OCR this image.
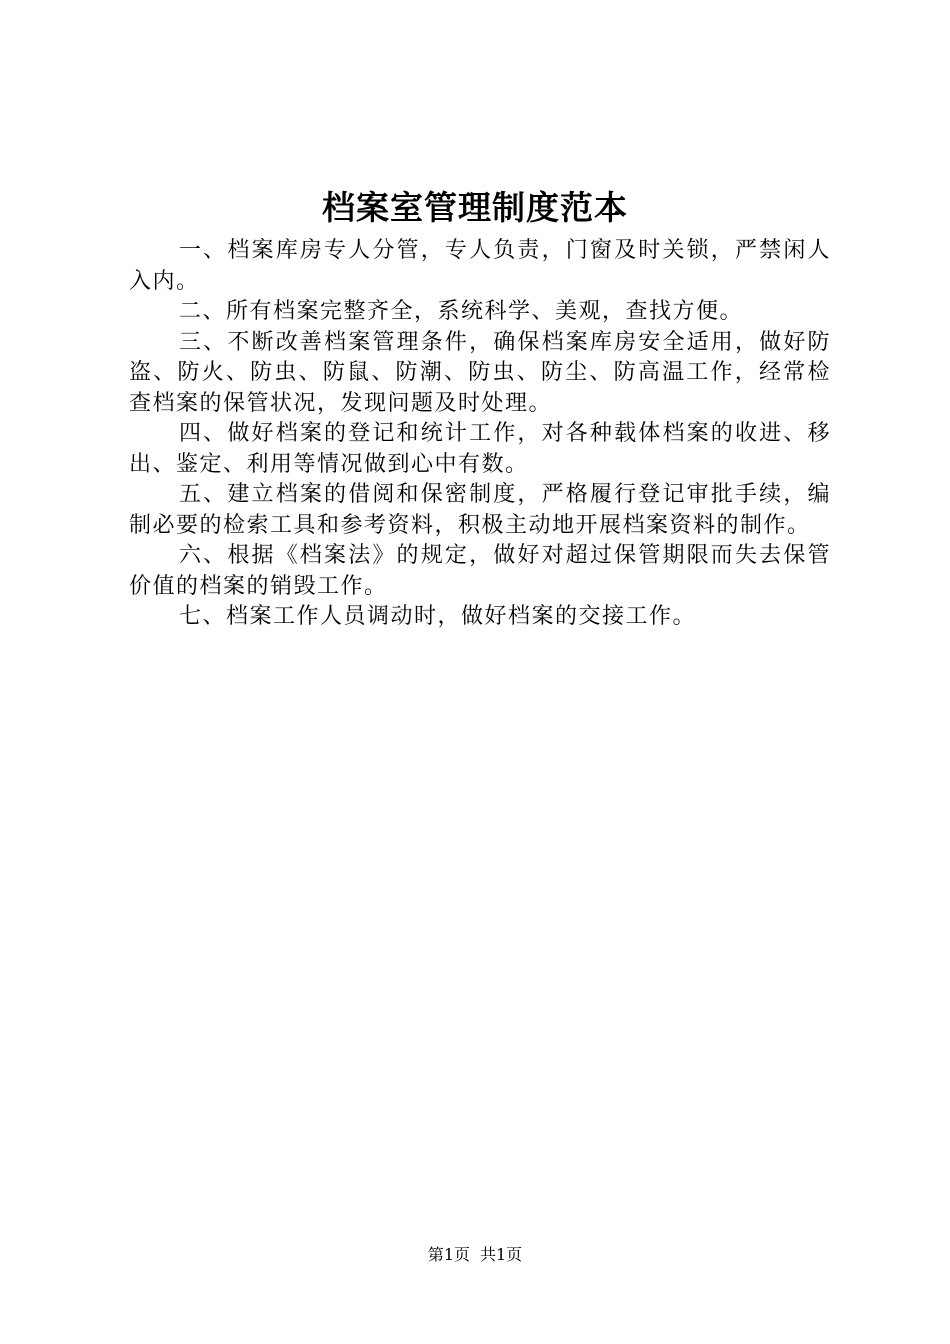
档案室管理制度范本

一、档案库房专人分管，专人负责，门窗及时关锁，严禁闲人入内。

二、所有档案完整齐全，系统科学、美观，查找方便。

三、不断改善档案管理条件，确保档案库房安全适用，做好防盗、防火、防虫、防鼠、防潮、防虫、防尘、防高温工作，经常检查档案的保管状况，发现问题及时处理。

四、做好档案的登记和统计工作，对各种载体档案的收进、移出、鉴定、利用等情况做到心中有数。

五、建立档案的借阅和保密制度，严格履行登记审批手续，编制必要的检索工具和参考资料，积极主动地开展档案资料的制作。

六、根据《档案法》的规定，做好对超过保管期限而失去保管价值的档案的销毁工作。

七、档案工作人员调动时，做好档案的交接工作。

第1页 共1页
